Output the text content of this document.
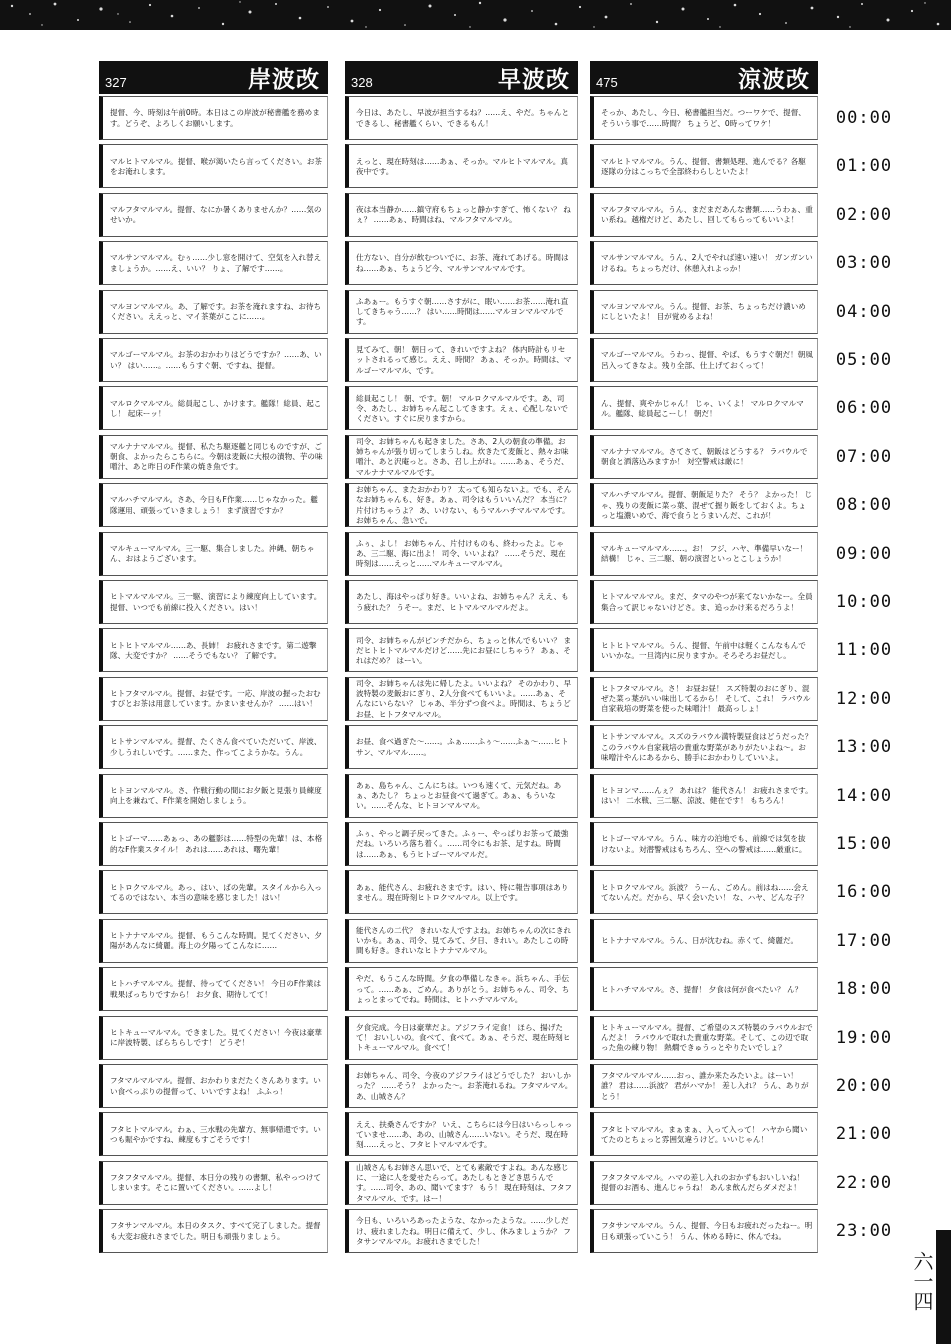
327	岸波改 328	早波改 475	涼波改
提督、今、時刻は午前0時。本日はこの岸波が秘書艦を務めます。どうぞ、よろしくお願いします。
今日は、あたし、早波が担当するね？……え、やだ。ちゃんとできるし、秘書艦くらい、できるもん！
そっか、あたし、今日、秘書艦担当だ。つーワケで、提督、そういう事で……時間？ ちょうど、0時ってワケ！	00:00
マルヒトマルマル。提督、喉が渇いたら言ってください。お茶をお淹れします。
えっと、現在時刻は……あぁ、そっか。マルヒトマルマル。真夜中です。
マルヒトマルマル。うん、提督、書類処理、進んでる？各駆逐隊の分はこっちで全部終わらしといたよ！	01:00
マルフタマルマル。提督、なにか暑くありませんか？……気のせいか。
夜は本当静か……鎮守府もちょっと静かすぎて、怖くない？ ねぇ？ ……あぁ、時間はね、マルフタマルマル。
マルフタマルマル。うん、まだまだあんな書類……うわぁ、重い系ね。越権だけど、あたし、回してもらってもいいよ！	02:00
マルサンマルマル。むぅ……少し窓を開けて、空気を入れ替えましょうか。……え、いい？ りょ、了解です……。
仕方ない、自分が飲むついでに、お茶、淹れてあげる。時間はね……あぁ、ちょうど今、マルサンマルマルです。
マルサンマルマル。うん、2人でやれば速い速い！ ガンガンいけるね。ちょっちだけ、休憩入れよっか！	03:00
マルヨンマルマル。あ、了解です。お茶を淹れますね、お待ちください。ええっと、マイ茶葉がここに……。
ふあぁー。もうすぐ朝……さすがに、眠い……お茶……淹れ直してきちゃう……？ はい……時間は……マルヨンマルマルです。
マルヨンマルマル。うん。提督、お茶、ちょっちだけ濃いめにしといたよ！ 目が覚めるよね！	04:00
マルゴーマルマル。お茶のおかわりはどうですか？……あ、いい？ はい……。……もうすぐ朝、ですね、提督。
見てみて、朝！ 朝日って、きれいですよね？ 体内時計もリセットされるって感じ。ええ、時間？ あぁ、そっか。時間は、マルゴーマルマル、です。
マルゴーマルマル。うわっ、提督、やば、もうすぐ朝だ！朝風呂入ってきなよ。残り全部、仕上げておくって！	05:00
マルロクマルマル。総員起こし、かけます。艦隊！総員、起こし！ 起床ーッ！
総員起こし！ 朝、です。朝！ マルロクマルマルです。あ、司令、あたし、お姉ちゃん起こしてきます。えぇ、心配しないでください。すぐに戻りますから。
ん、提督、爽やかじゃん！ じゃ、いくよ！ マルロクマルマル。艦隊、総員起こーし！ 朝だ！	06:00
マルナナマルマル。提督、私たち駆逐艦と同じものですが、ご朝食、よかったらこちらに。今朝は麦飯に大根の漬物、芋の味噌汁、あと昨日のF作業の焼き魚です。
司令、お姉ちゃんも起きました。さあ、2人の朝食の準備。お姉ちゃんが張り切ってしまうしね。炊きたて麦飯と、熱々お味噌汁、あと沢庵っと。さあ、召し上がれ。……あぁ、そうだ、マルナナマルマルです。
マルナナマルマル。さてさて、朝飯はどうする？ ラバウルで朝食と洒落込みますか！ 対空警戒は厳に！	07:00
マルハチマルマル。さあ、今日もF作業……じゃなかった。艦隊運用、頑張っていきましょう！ まず演習ですか？
お姉ちゃん、またおかわり？ 太っても知らないよ。でも、そんなお姉ちゃんも、好き。あぁ、司令はもういいんだ？ 本当に？ 片付けちゃうよ？ あ、いけない、もうマルハチマルマルです。お姉ちゃん、急いで。
マルハチマルマル。提督、朝飯足りた？ そう？ よかった！ じゃ、残りの麦飯に菜っ葉、混ぜて握り飯をしておくよ。ちょっと塩濃いめで、海で食うとうまいんだ、これが！
08:00
マルキューマルマル。三一駆、集合しました。沖縄、朝ちゃん、おはようございます。
ふぅ、よし！ お姉ちゃん、片付けものも、終わったよ。じゃあ、三二駆、海に出よ！ 司令、いいよね？ ……そうだ、現在時刻は……えっと……マルキューマルマル。
マルキューマルマル……。お！ フジ、ハヤ、準備早いなー！ 結構！ じゃ、三二駆、朝の演習といっとこしょうか！	09:00
ヒトマルマルマル。三一駆、演習により練度向上しています。提督、いつでも前線に投入ください。はい！
あたし、海はやっぱり好き。いいよね、お姉ちゃん？ええ、もう疲れた？ うそー。まだ、ヒトマルマルマルだよ。
ヒトマルマルマル。まだ、タマのやつが来てないかなー。全員集合って訳じゃないけどさ。ま、追っかけ来るだろうよ！	10:00
ヒトヒトマルマル……あ、長姉！ お疲れさまです。第二遊撃隊、大変ですか？ ……そうでもない？ 了解です。
司令、お姉ちゃんがピンチだから、ちょっと休んでもいい？ まだヒトヒトマルマルだけど……先にお昼にしちゃう？ あぁ、それはだめ？ はーい。
ヒトヒトマルマル。うん、提督、午前中は軽くこんなもんでいいかな。一旦湾内に戻りますか。そろそろお昼だし。	11:00
ヒトフタマルマル。提督、お昼です。一応、岸波の握ったおむすびとお茶は用意しています。かまいませんか？ ……はい！
司令、お姉ちゃんは先に帰したよ。いいよね？ そのかわり、早波特製の麦飯おにぎり、2人分食べてもいいよ。……あぁ、そんなにいらない？ じゃあ、半分ずつ食べよ。時間は、ちょうどお昼、ヒトフタマルマル。
ヒトフタマルマル。さ！ お昼お昼！ スズ特製のおにぎり、混ぜた菜っ葉がいい味出してるから！ そして、これ！ ラバウル自家栽培の野菜を使った味噌汁！ 最高っしょ！
12:00
ヒトサンマルマル。提督、たくさん食べていただいて、岸波、少しうれしいです。……また、作ってこようかな。うん。
お昼、食べ過ぎた～……。ふぁ……ふぅ～……ふぁ～……ヒトサン、マルマル……。
ヒトサンマルマル。スズのラバウル満特製昼食はどうだった？ このラバウル自家栽培の貴重な野菜がありがたいよね～。お味噌汁やんにあるから、勝手におかわりしていいよ。
13:00
ヒトヨンマルマル。さ、作戦行動の間にお夕飯と見張り員練度向上を兼ねて、F作業を開始しましょう。
あぁ、島ちゃん、こんにちは。いつも速くて、元気だね。あぁ、あたし？ ちょっとお昼食べて過ぎて。あぁ、もういない。……そんな、ヒトヨンマルマル。
ヒトヨンマ……んぇ？ あれは？ 能代さん！ お疲れさまです。はい！ 二水戦、三二駆、涼波、健在です！ もちろん！	14:00
ヒトゴーマ……あぁっ、あの艦影は……特型の先輩！は、本格的なF作業スタイル！ あれは……あれは、曙先輩！
ふぅ、やっと調子戻ってきた。ふぅー、やっぱりお茶って最強だね。いろいろ落ち着く。……司令にもお茶、足すね。時間は……あぁ、もうヒトゴーマルマルだ。
ヒトゴーマルマル。うん、味方の泊地でも、前線では気を抜けないよ。対潜警戒はもちろん、空への警戒は……厳重に。	15:00
ヒトロクマルマル。あっ、はい、ばの先輩。スタイルから入ってるのではない、本当の意味を感じました！はい！
あぁ、能代さん、お疲れさまです。はい、特に報告事項はありません。現在時刻ヒトロクマルマル。以上です。
ヒトロクマルマル。浜波？ うーん、ごめん。前はね……会えてないんだ。だから、早く会いたい！ な、ハヤ、どんな子？	16:00
ヒトナナマルマル。提督、もうこんな時間。見てください、夕陽があんなに綺麗。海上の夕陽ってこんなに……
能代さんの二代？ きれいな人ですよね。お姉ちゃんの次にきれいかも。あぁ、司令、見てみて、夕日、きれい。あたしこの時間も好き。きれいなヒトナナマルマル。
ヒトナナマルマル。うん、日が沈むね。赤くて、綺麗だ。	17:00
ヒトハチマルマル。提督、待っててください！ 今日のF作業は戦果ばっちりですから！ お夕食、期待してて！
やだ、もうこんな時間。夕食の準備しなきゃ。浜ちゃん、手伝って。……あぁ、ごめん。ありがとう。お姉ちゃん、司令、ちょっとまってでね。時間は、ヒトハチマルマル。
ヒトハチマルマル。さ、提督！ 夕食は何が食べたい？ ん？	18:00
ヒトキューマルマル。できました。見てください！今夜は豪華に岸波特製、ばらちらしです！ どうぞ！
夕食完成。今日は豪華だよ。アジフライ定食！ ほら、揚げたて！ おいしいの。食べて、食べて。あぁ、そうだ、現在時刻ヒトキューマルマル。食べて！
ヒトキューマルマル。提督、ご希望のスズ特製のラバウルおでんだよ！ ラバウルで取れた貴重な野菜。そして、この辺で取った魚の練り物！ 熱燗できゅうっとやりたいでしょ？
19:00
フタマルマルマル。提督、おかわりまだたくさんあります。いい食べっぷりの提督って、いいですよね！ ふふっ！
お姉ちゃん、司令、今夜のアジフライはどうでした？ おいしかった？ ……そう？ よかった～。お茶淹れるね。フタマルマル。あ、山城さん？
フタマルマルマル……おっ、誰か来たみたいよ。はーい！誰？ 君は……浜波？ 君がハマか！ 差し入れ？ うん、ありがとう！
20:00
フタヒトマルマル。わぁ、三水戦の先輩方、無事帰還です。いつも賑やかですね、練度もすごそうです！
ええ、扶桑さんですか？ いえ、こちらには今日はいらっしゃっていませ……あ、あの、山城さん……いない。そうだ、現在時刻……えっと、フタヒトマルマルです。
フタヒトマルマル。まぁまぁ、入って入って！ ハヤから聞いてたのとちょっと雰囲気違うけど。いいじゃん！	21:00
フタフタマルマル。提督、本日分の残りの書類、私やっつけてしまいます。そこに置いてください。……よし！
山城さんもお姉さん思いで、とても素敵ですよね。あんな感じに、一途に人を愛せたらって。あたしもときどき思うんです。……司令、あの、聞いてます？ もう！ 現在時刻は、フタフタマルマル、です。はー！
フタフタマルマル。ハマの差し入れのおかずもおいしいね！ 提督のお酒も、進んじゃうね！ あんま飲んだらダメだよ！	22:00
フタサンマルマル。本日のタスク、すべて完了しました。提督も大変お疲れさまでした。明日も頑張りましょう。
今日も、いろいろあったような、なかったような。……少しだけ、疲れましたね。明日に備えて、少し、休みましょうか？ フタサンマルマル。お疲れさまでした！
フタサンマルマル。うん、提督、今日もお疲れだったねー。明日も頑張っていこう！ うん、休める時に、休んでね。	23:00
六一四
